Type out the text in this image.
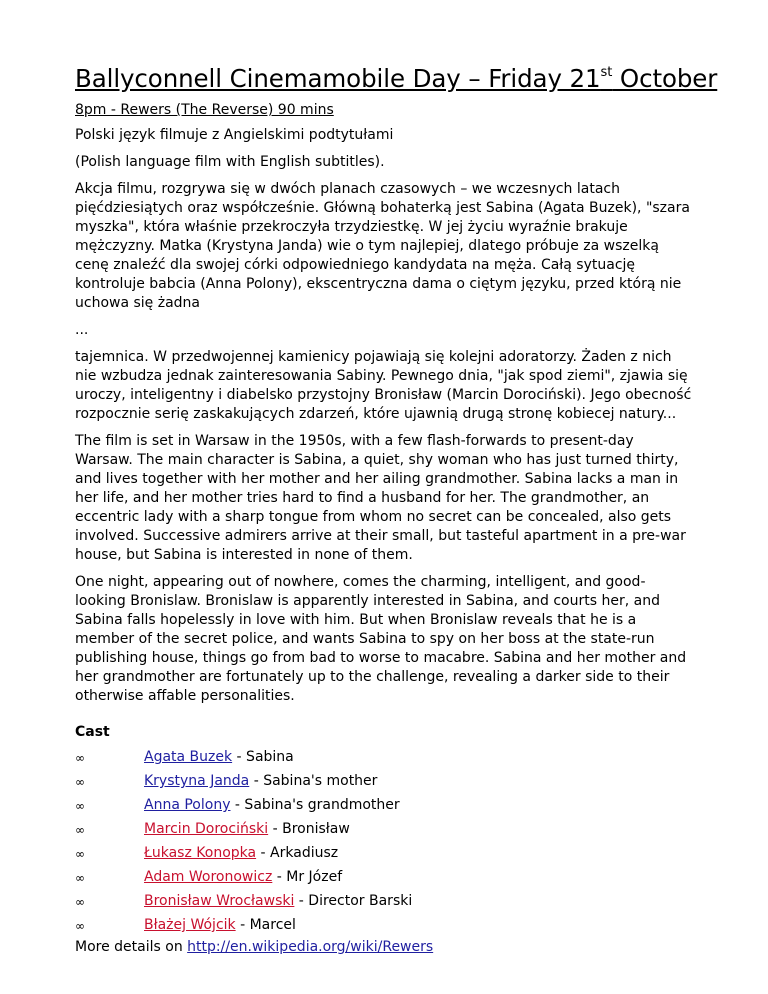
Ballyconnell Cinemamobile Day – Friday 21st October
8pm - Rewers (The Reverse) 90 mins

Polski język filmuje z Angielskimi podtytułami

(Polish language film with English subtitles).

Akcja filmu, rozgrywa się w dwóch planach czasowych – we wczesnych latach pięćdziesiątych oraz współcześnie. Główną bohaterką jest Sabina (Agata Buzek), "szara myszka", która właśnie przekroczyła trzydziestkę. W jej życiu wyraźnie brakuje mężczyzny. Matka (Krystyna Janda) wie o tym najlepiej, dlatego próbuje za wszelką cenę znaleźć dla swojej córki odpowiedniego kandydata na męża. Całą sytuację kontroluje babcia (Anna Polony), ekscentryczna dama o ciętym języku, przed którą nie uchowa się żadna

...

tajemnica. W przedwojennej kamienicy pojawiają się kolejni adoratorzy. Żaden z nich nie wzbudza jednak zainteresowania Sabiny. Pewnego dnia, "jak spod ziemi", zjawia się uroczy, inteligentny i diabelsko przystojny Bronisław (Marcin Dorociński). Jego obecność rozpocznie serię zaskakujących zdarzeń, które ujawnią drugą stronę kobiecej natury...

The film is set in Warsaw in the 1950s, with a few flash-forwards to present-day Warsaw. The main character is Sabina, a quiet, shy woman who has just turned thirty, and lives together with her mother and her ailing grandmother. Sabina lacks a man in her life, and her mother tries hard to find a husband for her. The grandmother, an eccentric lady with a sharp tongue from whom no secret can be concealed, also gets involved. Successive admirers arrive at their small, but tasteful apartment in a pre-war house, but Sabina is interested in none of them.

One night, appearing out of nowhere, comes the charming, intelligent, and good-looking Bronislaw. Bronislaw is apparently interested in Sabina, and courts her, and Sabina falls hopelessly in love with him. But when Bronislaw reveals that he is a member of the secret police, and wants Sabina to spy on her boss at the state-run publishing house, things go from bad to worse to macabre. Sabina and her mother and her grandmother are fortunately up to the challenge, revealing a darker side to their otherwise affable personalities.

Cast
∞	Agata Buzek - Sabina
∞	Krystyna Janda - Sabina's mother
∞	Anna Polony - Sabina's grandmother
∞	Marcin Dorociński - Bronisław
∞	Łukasz Konopka - Arkadiusz
∞	Adam Woronowicz - Mr Józef
∞	Bronisław Wrocławski - Director Barski
∞	Błażej Wójcik - Marcel
More details on http://en.wikipedia.org/wiki/Rewers
